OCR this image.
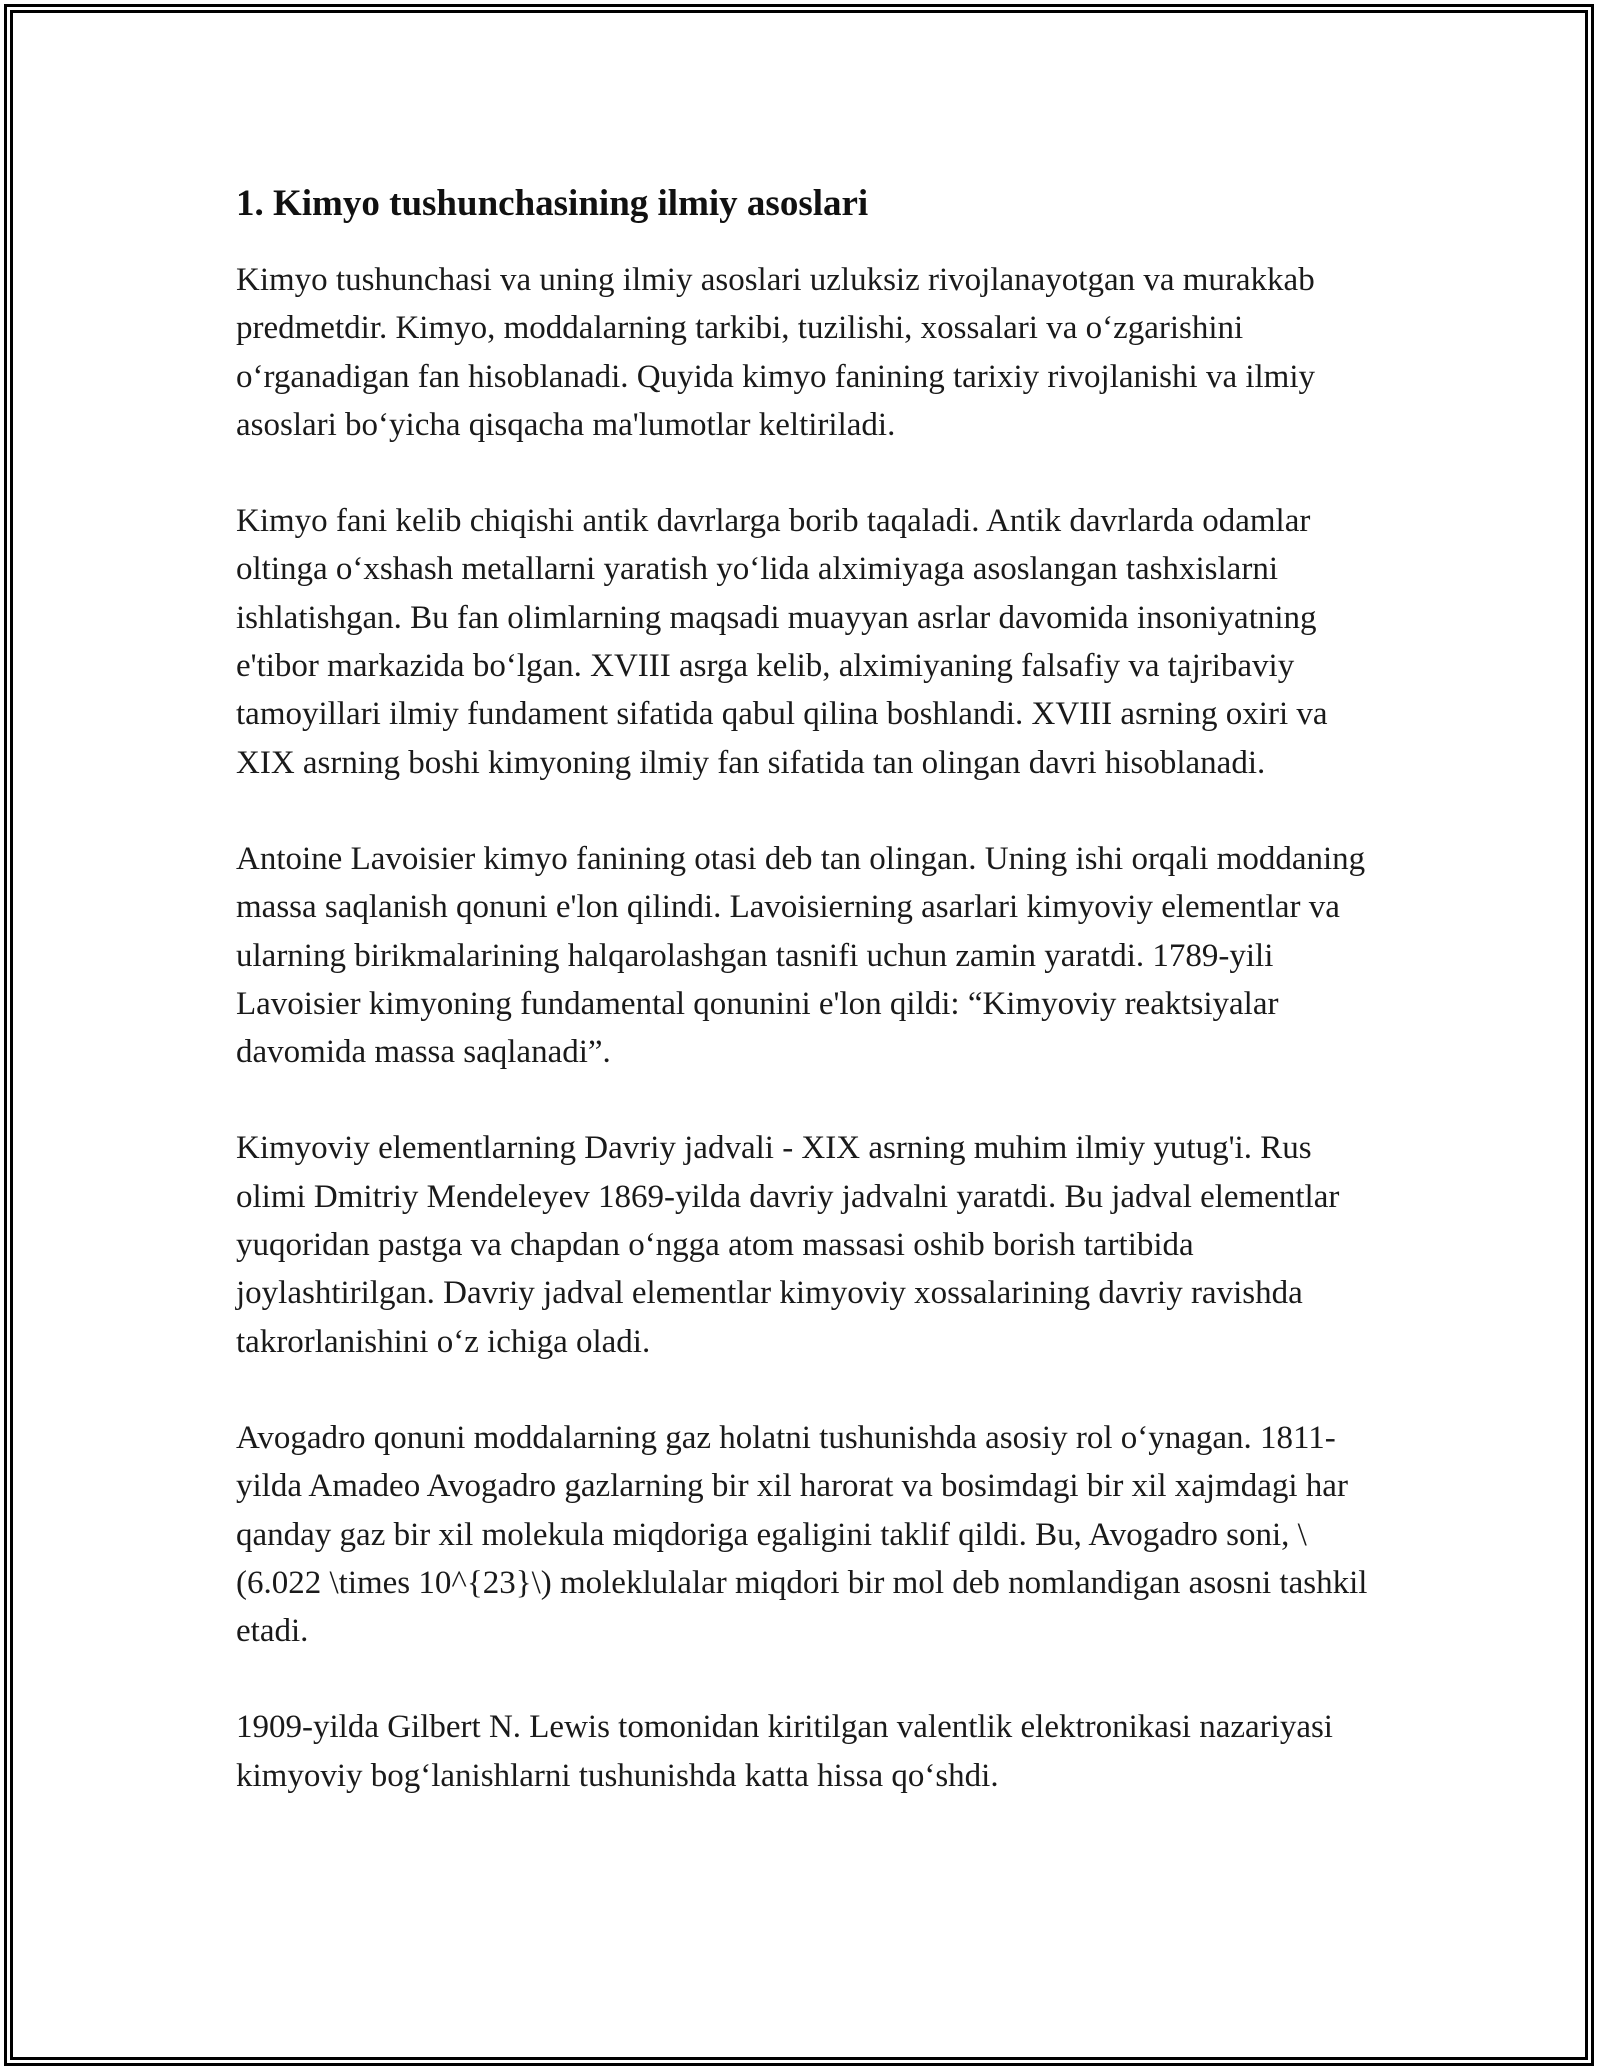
1. Kimyo tushunchasining ilmiy asoslari

Kimyo tushunchasi va uning ilmiy asoslari uzluksiz rivojlanayotgan va murakkab predmetdir. Kimyo, moddalarning tarkibi, tuzilishi, xossalari va o‘zgarishini o‘rganadigan fan hisoblanadi. Quyida kimyo fanining tarixiy rivojlanishi va ilmiy asoslari bo‘yicha qisqacha ma'lumotlar keltiriladi.

Kimyo fani kelib chiqishi antik davrlarga borib taqaladi. Antik davrlarda odamlar oltinga o‘xshash metallarni yaratish yo‘lida alximiyaga asoslangan tashxislarni ishlatishgan. Bu fan olimlarning maqsadi muayyan asrlar davomida insoniyatning e'tibor markazida bo‘lgan. XVIII asrga kelib, alximiyaning falsafiy va tajribaviy tamoyillari ilmiy fundament sifatida qabul qilina boshlandi. XVIII asrning oxiri va XIX asrning boshi kimyoning ilmiy fan sifatida tan olingan davri hisoblanadi.

Antoine Lavoisier kimyo fanining otasi deb tan olingan. Uning ishi orqali moddaning massa saqlanish qonuni e'lon qilindi. Lavoisierning asarlari kimyoviy elementlar va ularning birikmalarining halqarolashgan tasnifi uchun zamin yaratdi. 1789-yili Lavoisier kimyoning fundamental qonunini e'lon qildi: “Kimyoviy reaktsiyalar davomida massa saqlanadi”.

Kimyoviy elementlarning Davriy jadvali - XIX asrning muhim ilmiy yutug'i. Rus olimi Dmitriy Mendeleyev 1869-yilda davriy jadvalni yaratdi. Bu jadval elementlar yuqoridan pastga va chapdan o‘ngga atom massasi oshib borish tartibida joylashtirilgan. Davriy jadval elementlar kimyoviy xossalarining davriy ravishda takrorlanishini o‘z ichiga oladi.

Avogadro qonuni moddalarning gaz holatni tushunishda asosiy rol o‘ynagan. 1811-yilda Amadeo Avogadro gazlarning bir xil harorat va bosimdagi bir xil xajmdagi har qanday gaz bir xil molekula miqdoriga egaligini taklif qildi. Bu, Avogadro soni, \(6.022 \times 10^{23}\) moleklulalar miqdori bir mol deb nomlandigan asosni tashkil etadi.

1909-yilda Gilbert N. Lewis tomonidan kiritilgan valentlik elektronikasi nazariyasi kimyoviy bog‘lanishlarni tushunishda katta hissa qo‘shdi.
